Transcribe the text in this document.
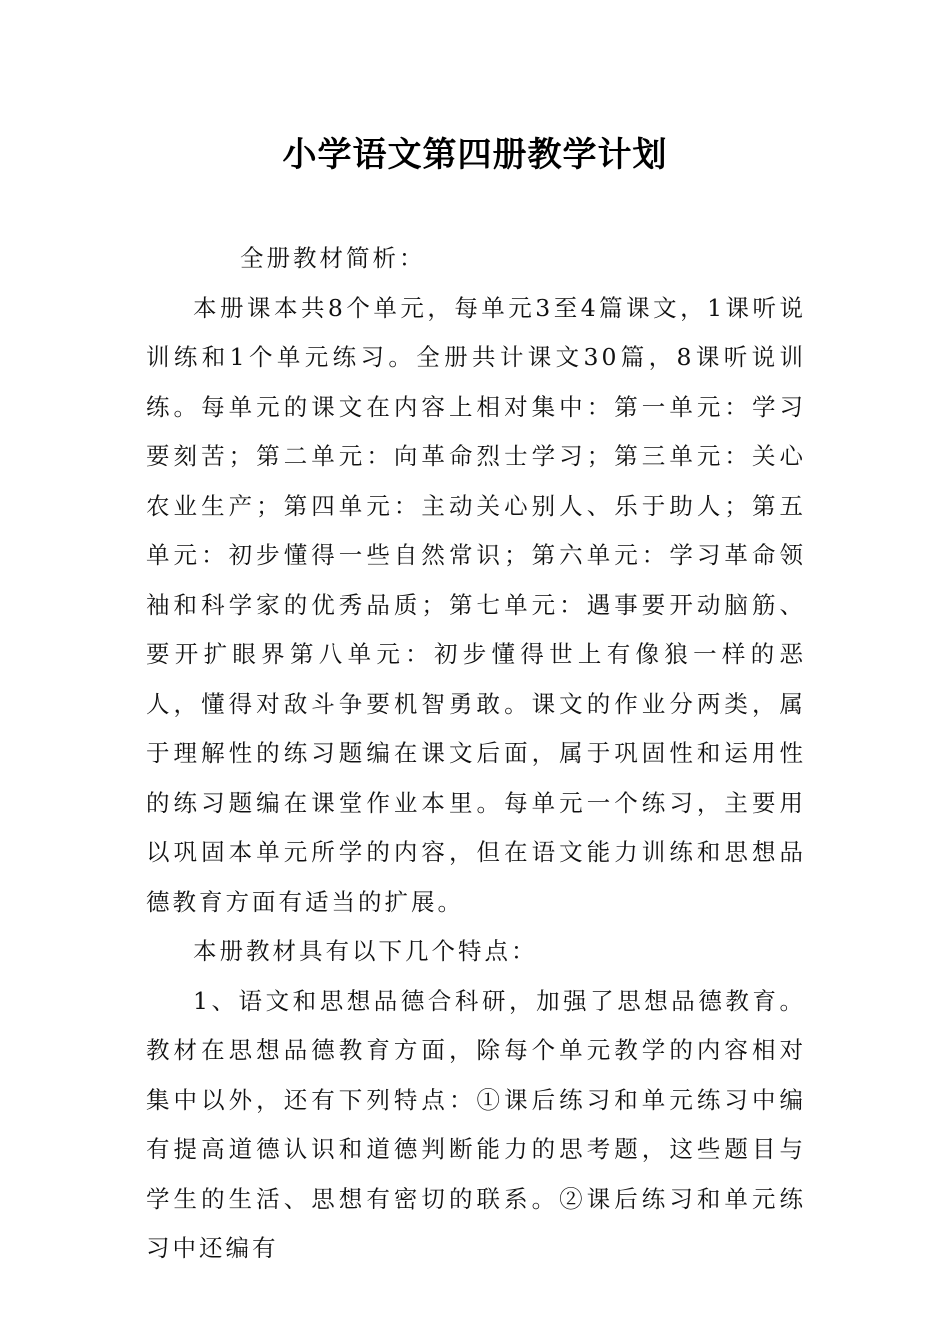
小学语文第四册教学计划

全册教材简析：

本册课本共8个单元，每单元3至4篇课文，1课听说训练和1个单元练习。全册共计课文30篇，8课听说训练。每单元的课文在内容上相对集中：第一单元：学习要刻苦；第二单元：向革命烈士学习；第三单元：关心农业生产；第四单元：主动关心别人、乐于助人；第五单元：初步懂得一些自然常识；第六单元：学习革命领袖和科学家的优秀品质；第七单元：遇事要开动脑筋、要开扩眼界第八单元：初步懂得世上有像狼一样的恶人，懂得对敌斗争要机智勇敢。课文的作业分两类，属于理解性的练习题编在课文后面，属于巩固性和运用性的练习题编在课堂作业本里。每单元一个练习，主要用以巩固本单元所学的内容，但在语文能力训练和思想品德教育方面有适当的扩展。

本册教材具有以下几个特点：

1、语文和思想品德合科研，加强了思想品德教育。教材在思想品德教育方面，除每个单元教学的内容相对集中以外，还有下列特点：①课后练习和单元练习中编有提高道德认识和道德判断能力的思考题，这些题目与学生的生活、思想有密切的联系。②课后练习和单元练习中还编有
